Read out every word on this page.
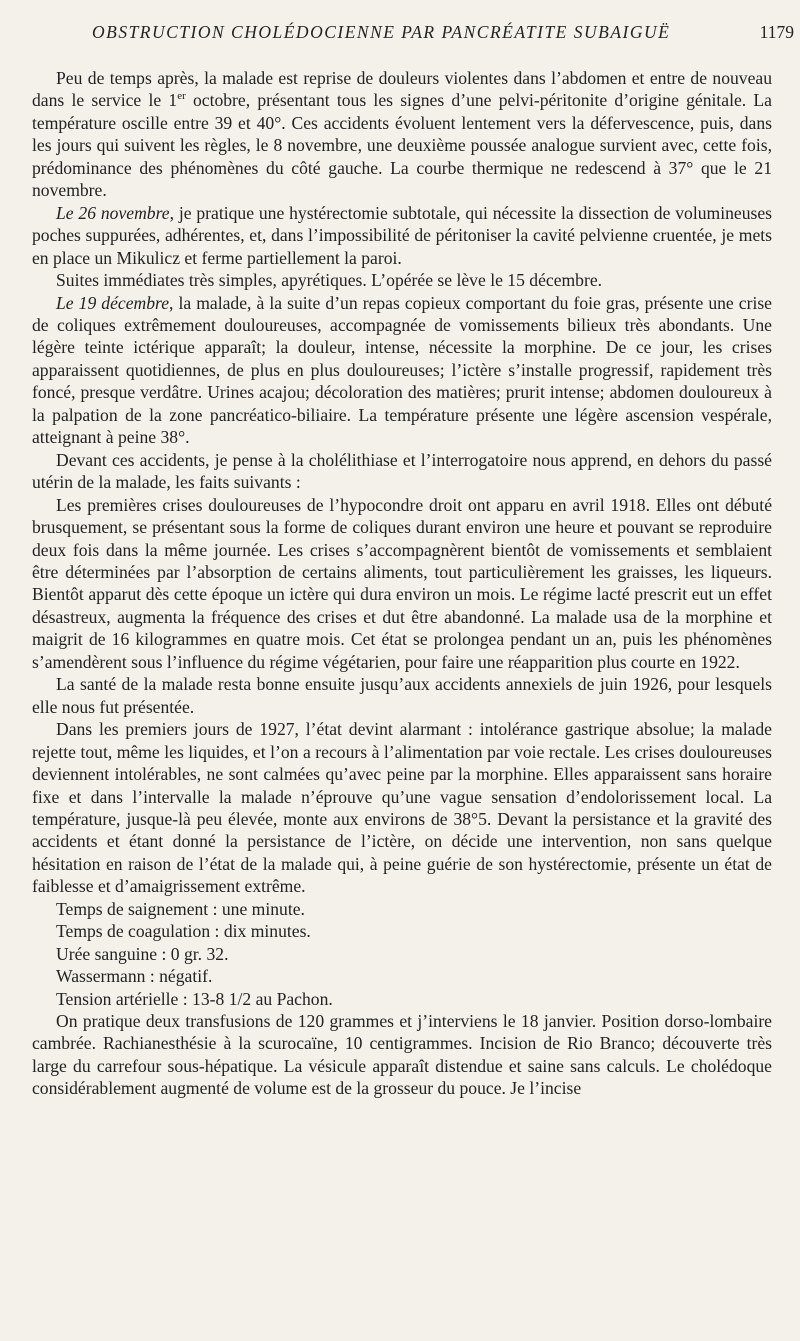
OBSTRUCTION CHOLÉDOCIENNE PAR PANCRÉATITE SUBAIGUË	1179

Peu de temps après, la malade est reprise de douleurs violentes dans l’abdomen et entre de nouveau dans le service le 1er octobre, présentant tous les signes d’une pelvi-péritonite d’origine génitale. La température oscille entre 39 et 40°. Ces accidents évoluent lentement vers la défervescence, puis, dans les jours qui suivent les règles, le 8 novembre, une deuxième poussée analogue survient avec, cette fois, prédominance des phénomènes du côté gauche. La courbe thermique ne redescend à 37° que le 21 novembre.

Le 26 novembre, je pratique une hystérectomie subtotale, qui nécessite la dissection de volumineuses poches suppurées, adhérentes, et, dans l’impossibilité de péritoniser la cavité pelvienne cruentée, je mets en place un Mikulicz et ferme partiellement la paroi.

Suites immédiates très simples, apyrétiques. L’opérée se lève le 15 décembre.

Le 19 décembre, la malade, à la suite d’un repas copieux comportant du foie gras, présente une crise de coliques extrêmement douloureuses, accompagnée de vomissements bilieux très abondants. Une légère teinte ictérique apparaît; la douleur, intense, nécessite la morphine. De ce jour, les crises apparaissent quotidiennes, de plus en plus douloureuses; l’ictère s’installe progressif, rapidement très foncé, presque verdâtre. Urines acajou; décoloration des matières; prurit intense; abdomen douloureux à la palpation de la zone pancréatico-biliaire. La température présente une légère ascension vespérale, atteignant à peine 38°.

Devant ces accidents, je pense à la cholélithiase et l’interrogatoire nous apprend, en dehors du passé utérin de la malade, les faits suivants :

Les premières crises douloureuses de l’hypocondre droit ont apparu en avril 1918. Elles ont débuté brusquement, se présentant sous la forme de coliques durant environ une heure et pouvant se reproduire deux fois dans la même journée. Les crises s’accompagnèrent bientôt de vomissements et semblaient être déterminées par l’absorption de certains aliments, tout particulièrement les graisses, les liqueurs. Bientôt apparut dès cette époque un ictère qui dura environ un mois. Le régime lacté prescrit eut un effet désastreux, augmenta la fréquence des crises et dut être abandonné. La malade usa de la morphine et maigrit de 16 kilogrammes en quatre mois. Cet état se prolongea pendant un an, puis les phénomènes s’amendèrent sous l’influence du régime végétarien, pour faire une réapparition plus courte en 1922.

La santé de la malade resta bonne ensuite jusqu’aux accidents annexiels de juin 1926, pour lesquels elle nous fut présentée.

Dans les premiers jours de 1927, l’état devint alarmant : intolérance gastrique absolue; la malade rejette tout, même les liquides, et l’on a recours à l’alimentation par voie rectale. Les crises douloureuses deviennent intolérables, ne sont calmées qu’avec peine par la morphine. Elles apparaissent sans horaire fixe et dans l’intervalle la malade n’éprouve qu’une vague sensation d’endolorissement local. La température, jusque-là peu élevée, monte aux environs de 38°5. Devant la persistance et la gravité des accidents et étant donné la persistance de l’ictère, on décide une intervention, non sans quelque hésitation en raison de l’état de la malade qui, à peine guérie de son hystérectomie, présente un état de faiblesse et d’amaigrissement extrême.

Temps de saignement : une minute.

Temps de coagulation : dix minutes.

Urée sanguine : 0 gr. 32.

Wassermann : négatif.

Tension artérielle : 13-8 1/2 au Pachon.

On pratique deux transfusions de 120 grammes et j’interviens le 18 janvier. Position dorso-lombaire cambrée. Rachianesthésie à la scurocaïne, 10 centigrammes. Incision de Rio Branco; découverte très large du carrefour sous-hépatique. La vésicule apparaît distendue et saine sans calculs. Le cholédoque considérablement augmenté de volume est de la grosseur du pouce. Je l’incise
